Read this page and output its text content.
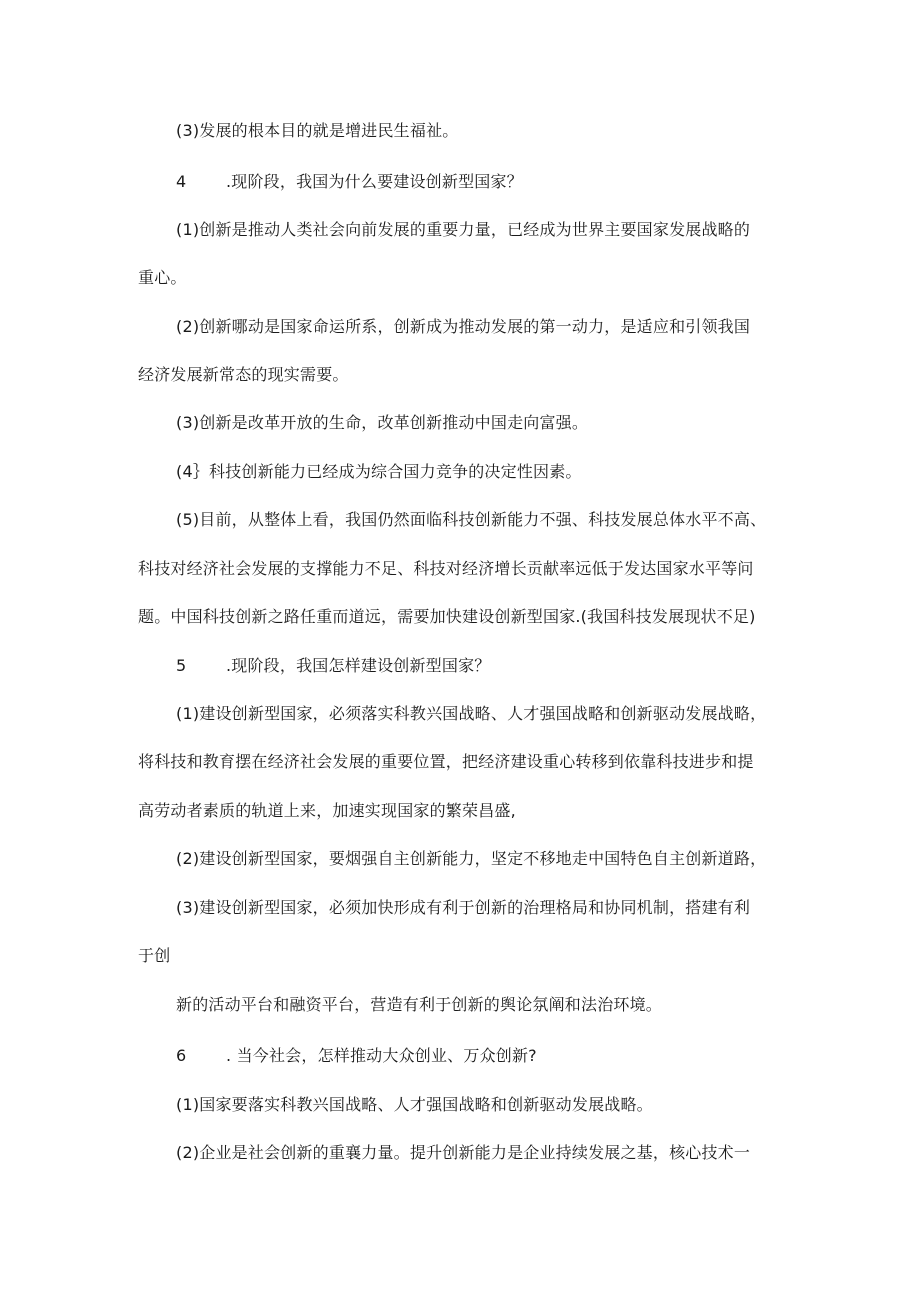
(3)发展的根本目的就是增进民生福祉。
4 .现阶段，我国为什么要建设创新型国家？
(1)创新是推动人类社会向前发展的重要力量，已经成为世界主要国家发展战略的
重心。
(2)创新哪动是国家命运所系，创新成为推动发展的第一动力，是适应和引领我国
经济发展新常态的现实需要。
(3)创新是改革开放的生命，改革创新推动中国走向富强。
(4｝科技创新能力已经成为综合国力竞争的决定性因素。
(5)目前，从整体上看，我国仍然面临科技创新能力不强、科技发展总体水平不高、
科技对经济社会发展的支撑能力不足、科技对经济增长贡献率远低于发达国家水平等问
题。中国科技创新之路任重而道远，需要加快建设创新型国家.(我国科技发展现状不足)
5 .现阶段，我国怎样建设创新型国家？
(1)建设创新型国家，必须落实科教兴国战略、人才强国战略和创新驱动发展战略，
将科技和教育摆在经济社会发展的重要位置，把经济建设重心转移到依靠科技进步和提
高劳动者素质的轨道上来，加速实现国家的繁荣昌盛,
(2)建设创新型国家，要烟强自主创新能力，坚定不移地走中国特色自主创新道路，
(3)建设创新型国家，必须加快形成有利于创新的治理格局和协同机制，搭建有利
于创
新的活动平台和融资平台，营造有利于创新的舆论氛阐和法治环境。
6 . 当今社会，怎样推动大众创业、万众创新?
(1)国家要落实科教兴国战略、人才强国战略和创新驱动发展战略。
(2)企业是社会创新的重襄力量。提升创新能力是企业持续发展之基，核心技术一
